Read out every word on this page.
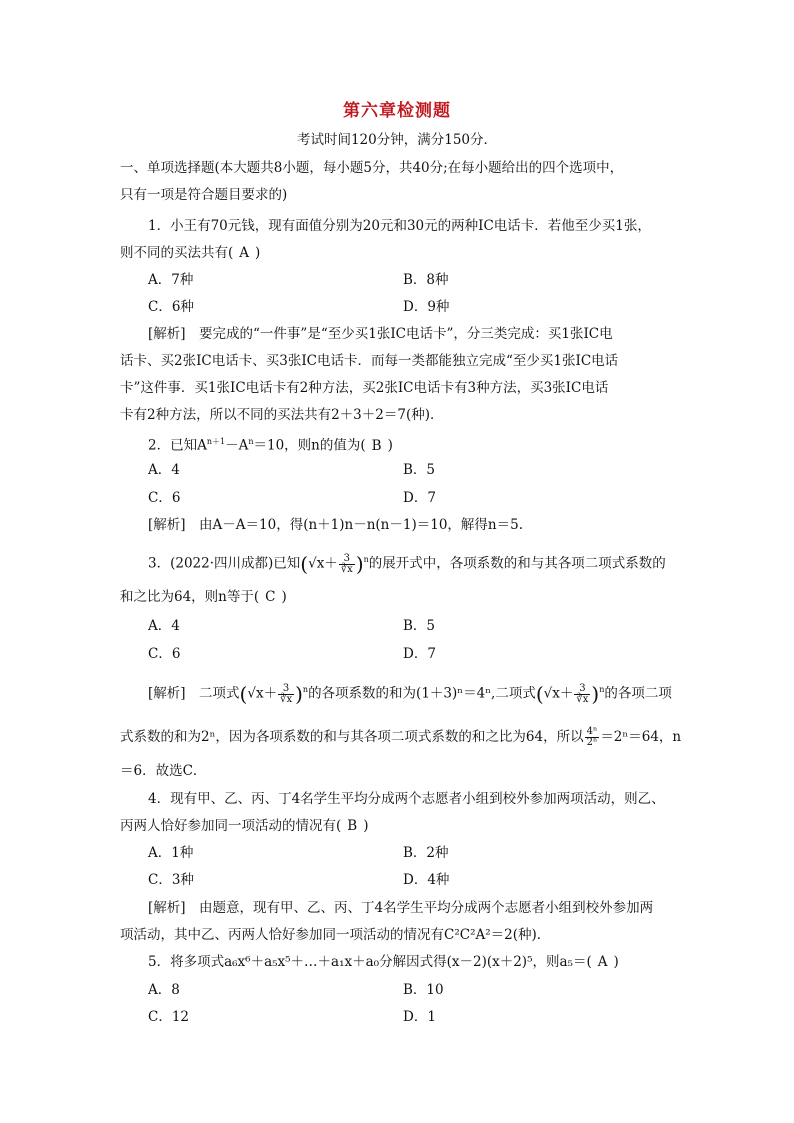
第六章检测题
考试时间120分钟，满分150分．
一、单项选择题(本大题共8小题，每小题5分，共40分;在每小题给出的四个选项中，
只有一项是符合题目要求的)
1．小王有70元钱，现有面值分别为20元和30元的两种IC电话卡．若他至少买1张，
则不同的买法共有( A )
A．7种	B．8种
C．6种	D．9种
[解析]　要完成的“一件事”是“至少买1张IC电话卡”，分三类完成：买1张IC电
话卡、买2张IC电话卡、买3张IC电话卡．而每一类都能独立完成“至少买1张IC电话
卡”这件事．买1张IC电话卡有2种方法，买2张IC电话卡有3种方法，买3张IC电话
卡有2种方法，所以不同的买法共有2＋3＋2＝7(种)．
2．已知$A^{n+1}-A^n=10$，则n的值为( B )
A．4	B．5
C．6	D．7
[解析]　由A－A＝10，得(n＋1)n－n(n－1)＝10，解得n＝5.
3．(2022·四川成都)已知$(√x+ \frac{3}{∛x} )^n$的展开式中，各项系数的和与其各项二项式系数的
和之比为64，则n等于( C )
A．4	B．5
C．6	D．7
[解析]　二项式$(√x+ \frac{3}{∛x} )^n$的各项系数的和为(1＋3)ⁿ＝4ⁿ,二项式$(√x+ \frac{3}{∛x} )^n$的各项二项
式系数的和为2ⁿ，因为各项系数的和与其各项二项式系数的和之比为64，所以 $\frac{\text{4ⁿ}}{\text{2ⁿ}} =2^n=64$，n
＝6．故选C．
4．现有甲、乙、丙、丁4名学生平均分成两个志愿者小组到校外参加两项活动，则乙、
丙两人恰好参加同一项活动的情况有( B )
A．1种	B．2种
C．3种	D．4种
[解析]　由题意，现有甲、乙、丙、丁4名学生平均分成两个志愿者小组到校外参加两
项活动，其中乙、丙两人恰好参加同一项活动的情况有C²C²A²＝2(种)．
5．将多项式a₆x⁶＋a₅x⁵＋…＋a₁x＋a₀分解因式得(x－2)(x＋2)⁵，则a₅＝( A )
A．8	B．10
C．12	D．1
